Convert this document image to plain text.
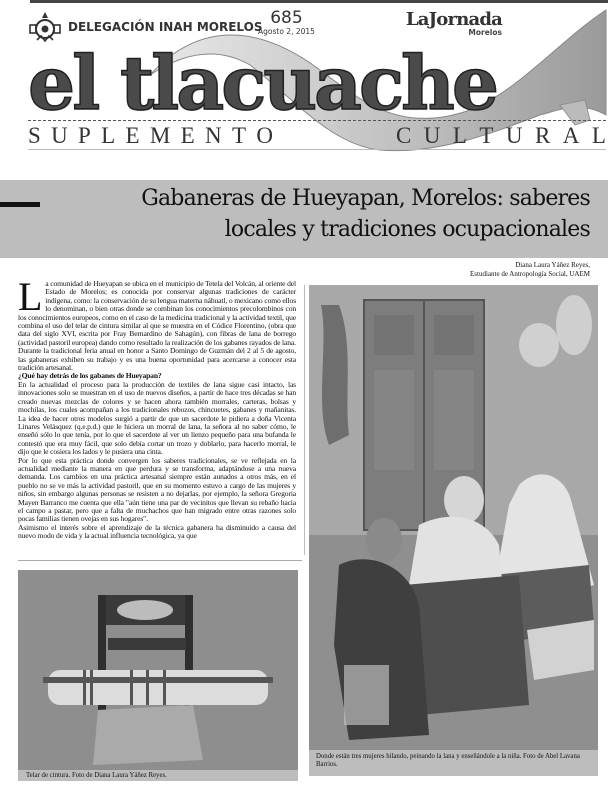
DELEGACIÓN INAH MORELOS 685
Agosto 2, 2015
LaJornada
Morelos
el tlacuache
S U P L E M E N T O	C U L T U R A L
Gabaneras de Hueyapan, Morelos: saberes
locales y tradiciones ocupacionales
Diana Laura Yáñez Reyes,
Estudiante de Antropología Social, UAEM

La comunidad de Hueyapan se ubica en el municipio de Tetela del Volcán, al oriente del Estado de Morelos; es conocida por conservar algunas tradiciones de carácter indígena, como: la conservación de su lengua materna náhuatl, o mexicano como ellos lo denominan, o bien otras donde se combinan los conocimientos precolombinos con los conocimientos europeos, como en el caso de la medicina tradicional y la actividad textil, que combina el uso del telar de cintura similar al que se muestra en el Códice Florentino, (obra que data del siglo XVI, escrita por Fray Bernardino de Sahagún), con fibras de lana de borrego (actividad pastoril europea) dando como resultado la realización de los gabanes rayados de lana.

Durante la tradicional feria anual en honor a Santo Domingo de Guzmán del 2 al 5 de agosto, las gabaneras exhiben su trabajo y es una buena oportunidad para acercarse a conocer esta tradición artesanal.

¿Qué hay detrás de los gabanes de Hueyapan?

En la actualidad el proceso para la producción de textiles de lana sigue casi intacto, las innovaciones solo se muestran en el uso de nuevos diseños, a partir de hace tres décadas se han creado nuevas mezclas de colores y se hacen ahora también morrales, carteras, bolsas y mochilas, los cuales acompañan a los tradicionales rebozos, chincuetes, gabanes y mañanitas. La idea de hacer otros modelos surgió a partir de que un sacerdote le pidiera a doña Vicenta Linares Velásquez (q.e.p.d.) que le hiciera un morral de lana, la señora al no saber cómo, le enseñó sólo lo que tenía, por lo que el sacerdote al ver un lienzo pequeño para una bufanda le contestó que era muy fácil, que solo debía cortar un trozo y doblarlo, para hacerlo morral, le dijo que le cosiera los lados y le pusiera una cinta.

Por lo que esta práctica donde convergen los saberes tradicionales, se ve reflejada en la actualidad mediante la manera en que perdura y se transforma, adaptándose a una nueva demanda. Los cambios en una práctica artesanal siempre están aunados a otros más, en el pueblo no se ve más la actividad pastoril, que en su momento estuvo a cargo de las mujeres y niños, sin embargo algunas personas se resisten a no dejarlas, por ejemplo, la señora Gregoria Mayen Barranco me cuenta que ella "aún tiene una par de vecinitos que llevan su rebaño hacia el campo a pastar, pero que a falta de muchachos que han migrado entre otras razones solo pocas familias tienen ovejas en sus hogares".

Asimismo el interés sobre el aprendizaje de la técnica gabanera ha disminuido a causa del nuevo modo de vida y la actual influencia tecnológica, ya que

Donde están tres mujeres hilando, peinando la lana y enseñándole a la niña. Foto de Abel Lavana Barrios.
Telar de cintura. Foto de Diana Laura Yáñez Reyes.
